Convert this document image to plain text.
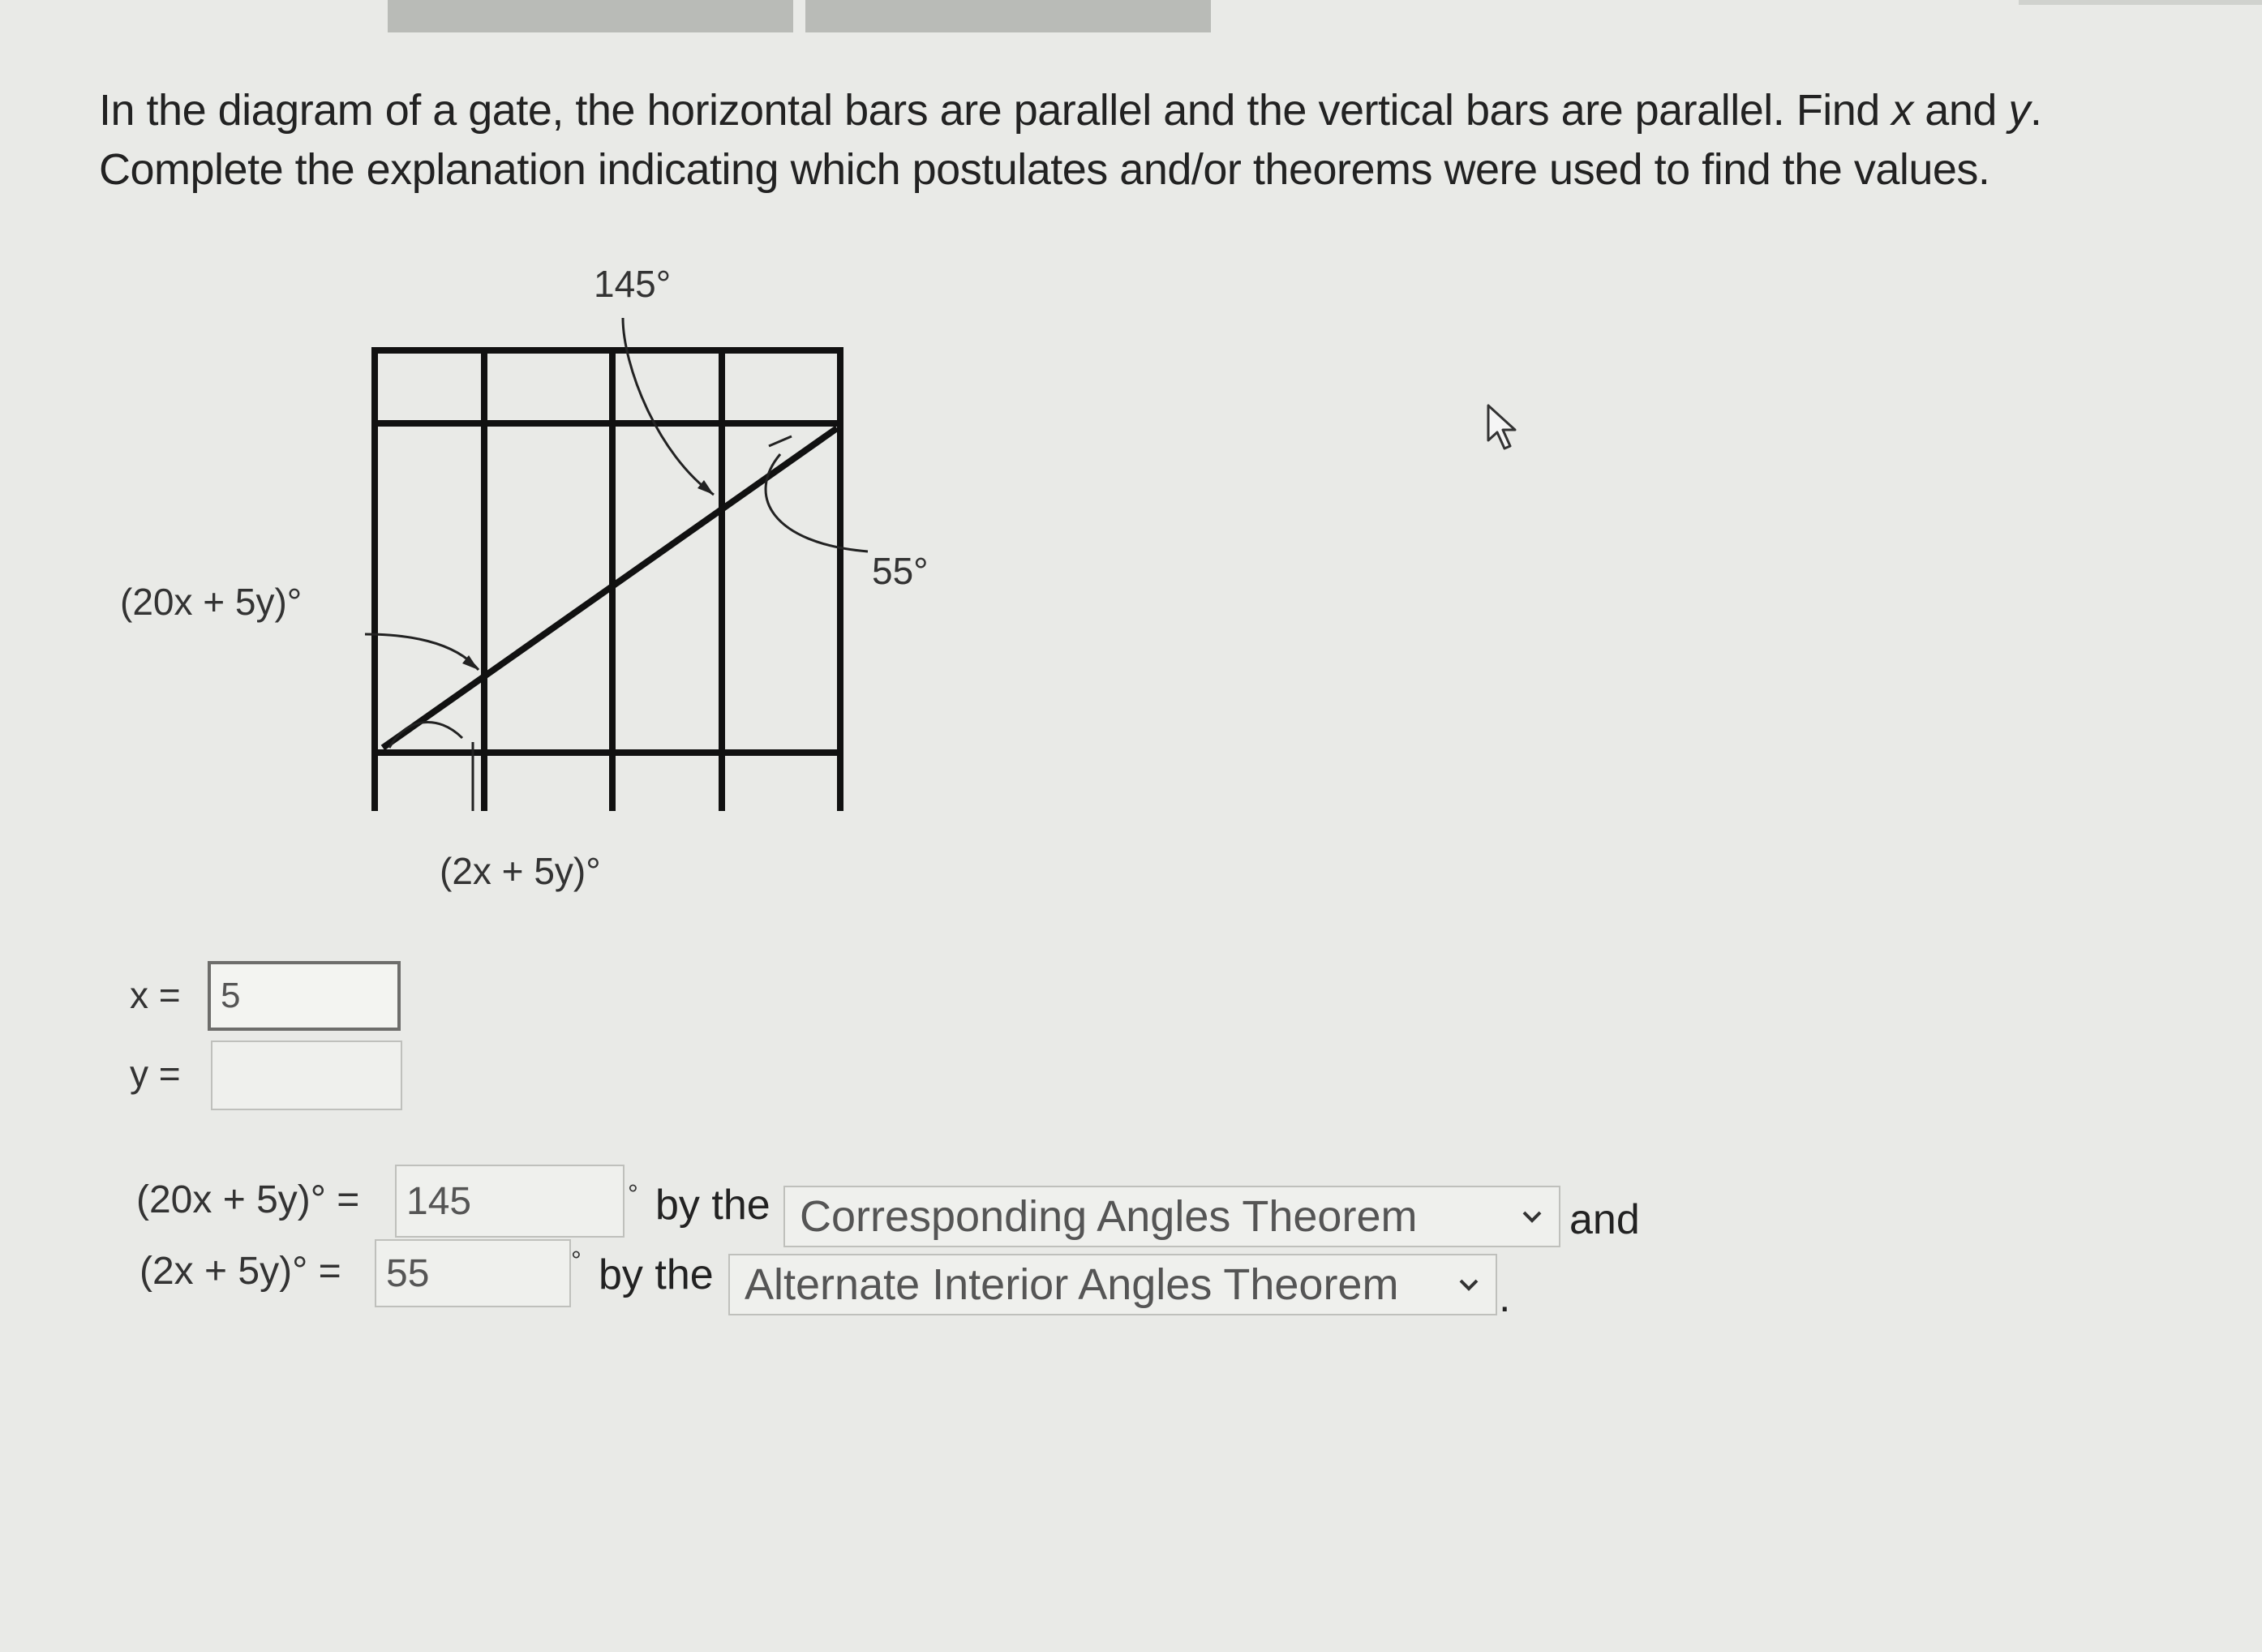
In the diagram of a gate, the horizontal bars are parallel and the vertical bars are parallel. Find x and y.
Complete the explanation indicating which postulates and/or theorems were used to find the values.
145°
55°
(20x + 5y)°
(2x + 5y)°
x =
5
y =
(20x + 5y)° =
145	° by the Corresponding Angles Theorem	and
(2x + 5y)° =
55	° by the Alternate Interior Angles Theorem .
